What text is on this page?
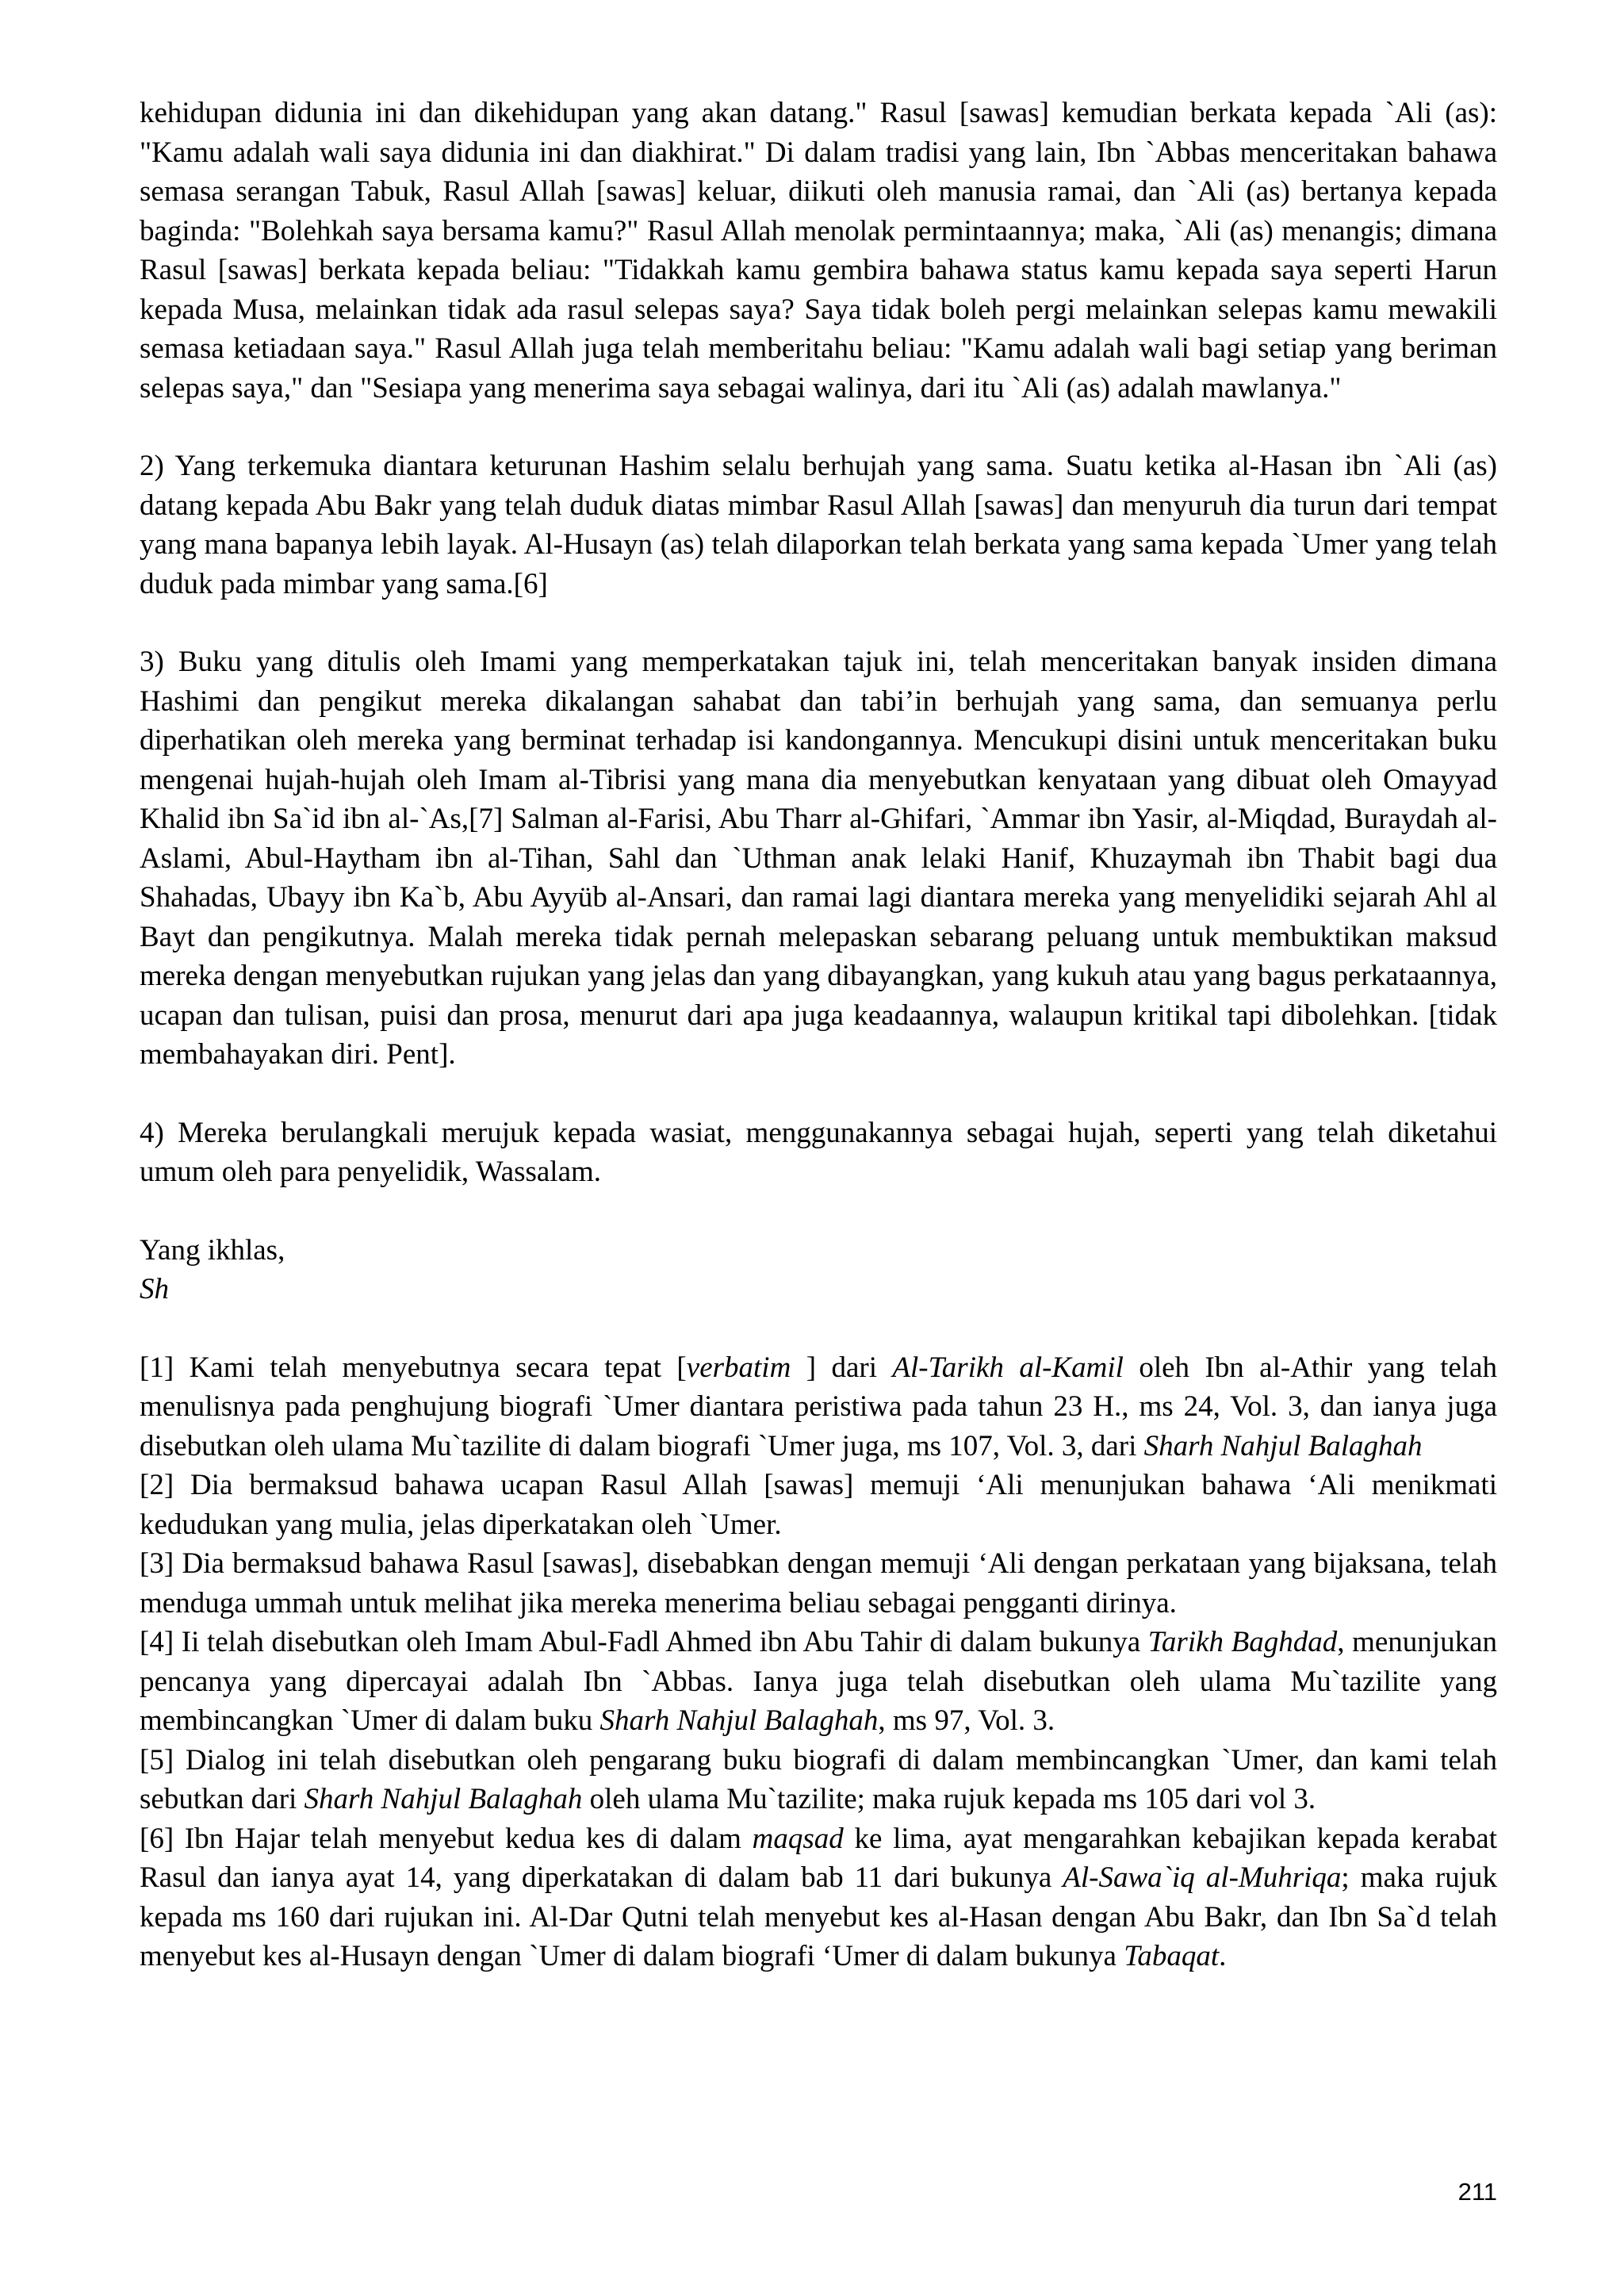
kehidupan didunia ini dan dikehidupan yang akan datang." Rasul [sawas] kemudian berkata kepada `Ali (as): "Kamu adalah wali saya didunia ini dan diakhirat." Di dalam tradisi yang lain, Ibn `Abbas menceritakan bahawa semasa serangan Tabuk, Rasul Allah [sawas] keluar, diikuti oleh manusia ramai, dan `Ali (as) bertanya kepada baginda: "Bolehkah saya bersama kamu?" Rasul Allah menolak permintaannya; maka, `Ali (as) menangis; dimana Rasul [sawas] berkata kepada beliau: "Tidakkah kamu gembira bahawa status kamu kepada saya seperti Harun kepada Musa, melainkan tidak ada rasul selepas saya? Saya tidak boleh pergi melainkan selepas kamu mewakili semasa ketiadaan saya." Rasul Allah juga telah memberitahu beliau: "Kamu adalah wali bagi setiap yang beriman selepas saya," dan "Sesiapa yang menerima saya sebagai walinya, dari itu `Ali (as) adalah mawlanya."

2) Yang terkemuka diantara keturunan Hashim selalu berhujah yang sama. Suatu ketika al-Hasan ibn `Ali (as) datang kepada Abu Bakr yang telah duduk diatas mimbar Rasul Allah [sawas] dan menyuruh dia turun dari tempat yang mana bapanya lebih layak. Al-Husayn (as) telah dilaporkan telah berkata yang sama kepada `Umer yang telah duduk pada mimbar yang sama.[6]

3) Buku yang ditulis oleh Imami yang memperkatakan tajuk ini, telah menceritakan banyak insiden dimana Hashimi dan pengikut mereka dikalangan sahabat dan tabi’in berhujah yang sama, dan semuanya perlu diperhatikan oleh mereka yang berminat terhadap isi kandongannya. Mencukupi disini untuk menceritakan buku mengenai hujah-hujah oleh Imam al-Tibrisi yang mana dia menyebutkan kenyataan yang dibuat oleh Omayyad Khalid ibn Sa`id ibn al-`As,[7] Salman al-Farisi, Abu Tharr al-Ghifari, `Ammar ibn Yasir, al-Miqdad, Buraydah al-Aslami, Abul-Haytham ibn al-Tihan, Sahl dan `Uthman anak lelaki Hanif, Khuzaymah ibn Thabit bagi dua Shahadas, Ubayy ibn Ka`b, Abu Ayyüb al-Ansari, dan ramai lagi diantara mereka yang menyelidiki sejarah Ahl al Bayt dan pengikutnya. Malah mereka tidak pernah melepaskan sebarang peluang untuk membuktikan maksud mereka dengan menyebutkan rujukan yang jelas dan yang dibayangkan, yang kukuh atau yang bagus perkataannya, ucapan dan tulisan, puisi dan prosa, menurut dari apa juga keadaannya, walaupun kritikal tapi dibolehkan. [tidak membahayakan diri. Pent].

4) Mereka berulangkali merujuk kepada wasiat, menggunakannya sebagai hujah, seperti yang telah diketahui umum oleh para penyelidik, Wassalam.

Yang ikhlas,

Sh

[1] Kami telah menyebutnya secara tepat [verbatim ] dari Al-Tarikh al-Kamil oleh Ibn al-Athir yang telah menulisnya pada penghujung biografi `Umer diantara peristiwa pada tahun 23 H., ms 24, Vol. 3, dan ianya juga disebutkan oleh ulama Mu`tazilite di dalam biografi `Umer juga, ms 107, Vol. 3, dari Sharh Nahjul Balaghah

[2] Dia bermaksud bahawa ucapan Rasul Allah [sawas] memuji ‘Ali menunjukan bahawa ‘Ali menikmati kedudukan yang mulia, jelas diperkatakan oleh `Umer.

[3] Dia bermaksud bahawa Rasul [sawas], disebabkan dengan memuji ‘Ali dengan perkataan yang bijaksana, telah menduga ummah untuk melihat jika mereka menerima beliau sebagai pengganti dirinya.

[4] Ii telah disebutkan oleh Imam Abul-Fadl Ahmed ibn Abu Tahir di dalam bukunya Tarikh Baghdad, menunjukan pencanya yang dipercayai adalah Ibn `Abbas. Ianya juga telah disebutkan oleh ulama Mu`tazilite yang membincangkan `Umer di dalam buku Sharh Nahjul Balaghah, ms 97, Vol. 3.

[5] Dialog ini telah disebutkan oleh pengarang buku biografi di dalam membincangkan `Umer, dan kami telah sebutkan dari Sharh Nahjul Balaghah oleh ulama Mu`tazilite; maka rujuk kepada ms 105 dari vol 3.

[6] Ibn Hajar telah menyebut kedua kes di dalam maqsad ke lima, ayat mengarahkan kebajikan kepada kerabat Rasul dan ianya ayat 14, yang diperkatakan di dalam bab 11 dari bukunya Al-Sawa`iq al-Muhriqa; maka rujuk kepada ms 160 dari rujukan ini. Al-Dar Qutni telah menyebut kes al-Hasan dengan Abu Bakr, dan Ibn Sa`d telah menyebut kes al-Husayn dengan `Umer di dalam biografi ‘Umer di dalam bukunya Tabaqat.

211
